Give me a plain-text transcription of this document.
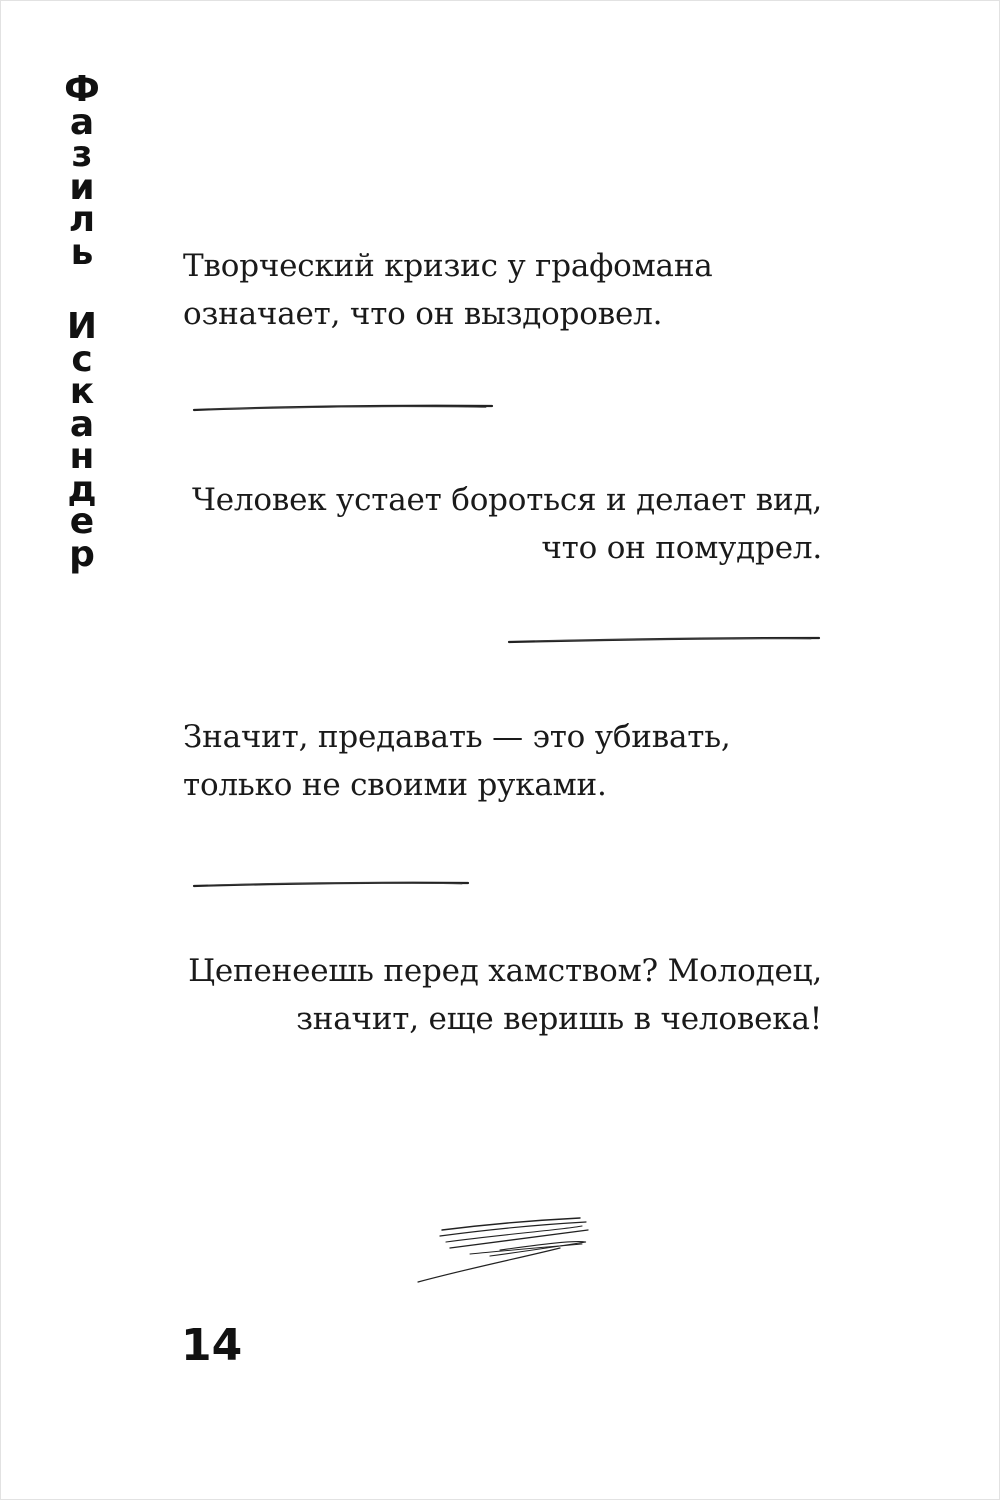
Ф
а
з
и
л
ь
И
с
к
а
н
д
е
р

Творческий кризис у графомана
означает, что он выздоровел.

Человек устает бороться и делает вид,
что он помудрел.

Значит, предавать — это убивать,
только не своими руками.

Цепенеешь перед хамством? Молодец,
значит, еще веришь в человека!

14
